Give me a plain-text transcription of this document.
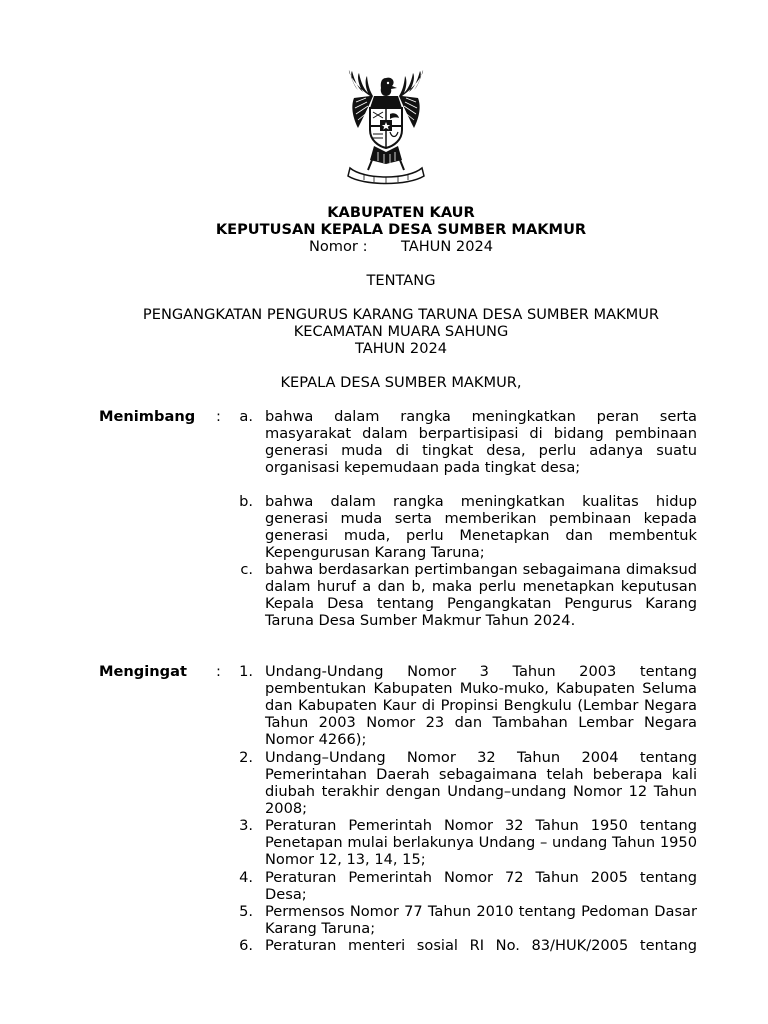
KABUPATEN KAUR
KEPUTUSAN KEPALA DESA SUMBER MAKMUR
Nomor : TAHUN 2024
TENTANG
PENGANGKATAN PENGURUS KARANG TARUNA DESA SUMBER MAKMUR
KECAMATAN MUARA SAHUNG
TAHUN 2024
KEPALA DESA SUMBER MAKMUR,
Menimbang :	a. bahwa dalam rangka meningkatkan peran serta masyarakat dalam berpartisipasi di bidang pembinaan generasi muda di tingkat desa, perlu adanya suatu organisasi kepemudaan pada tingkat desa;
b. bahwa dalam rangka meningkatkan kualitas hidup generasi muda serta memberikan pembinaan kepada generasi muda, perlu Menetapkan dan membentuk Kepengurusan Karang Taruna;
c. bahwa berdasarkan pertimbangan sebagaimana dimaksud dalam huruf a dan b, maka perlu menetapkan keputusan Kepala Desa tentang Pengangkatan Pengurus Karang Taruna Desa Sumber Makmur Tahun 2024.
Mengingat :	1. Undang-Undang Nomor 3 Tahun 2003 tentang pembentukan Kabupaten Muko-muko, Kabupaten Seluma dan Kabupaten Kaur di Propinsi Bengkulu (Lembar Negara Tahun 2003 Nomor 23 dan Tambahan Lembar Negara Nomor 4266);
2. Undang–Undang Nomor 32 Tahun 2004 tentang Pemerintahan Daerah sebagaimana telah beberapa kali diubah terakhir dengan Undang–undang Nomor 12 Tahun 2008;
3. Peraturan Pemerintah Nomor 32 Tahun 1950 tentang Penetapan mulai berlakunya Undang – undang Tahun 1950 Nomor 12, 13, 14, 15;
4. Peraturan Pemerintah Nomor 72 Tahun 2005 tentang Desa;
5. Permensos Nomor 77 Tahun 2010 tentang Pedoman Dasar Karang Taruna;
6. Peraturan menteri sosial RI No. 83/HUK/2005 tentang
